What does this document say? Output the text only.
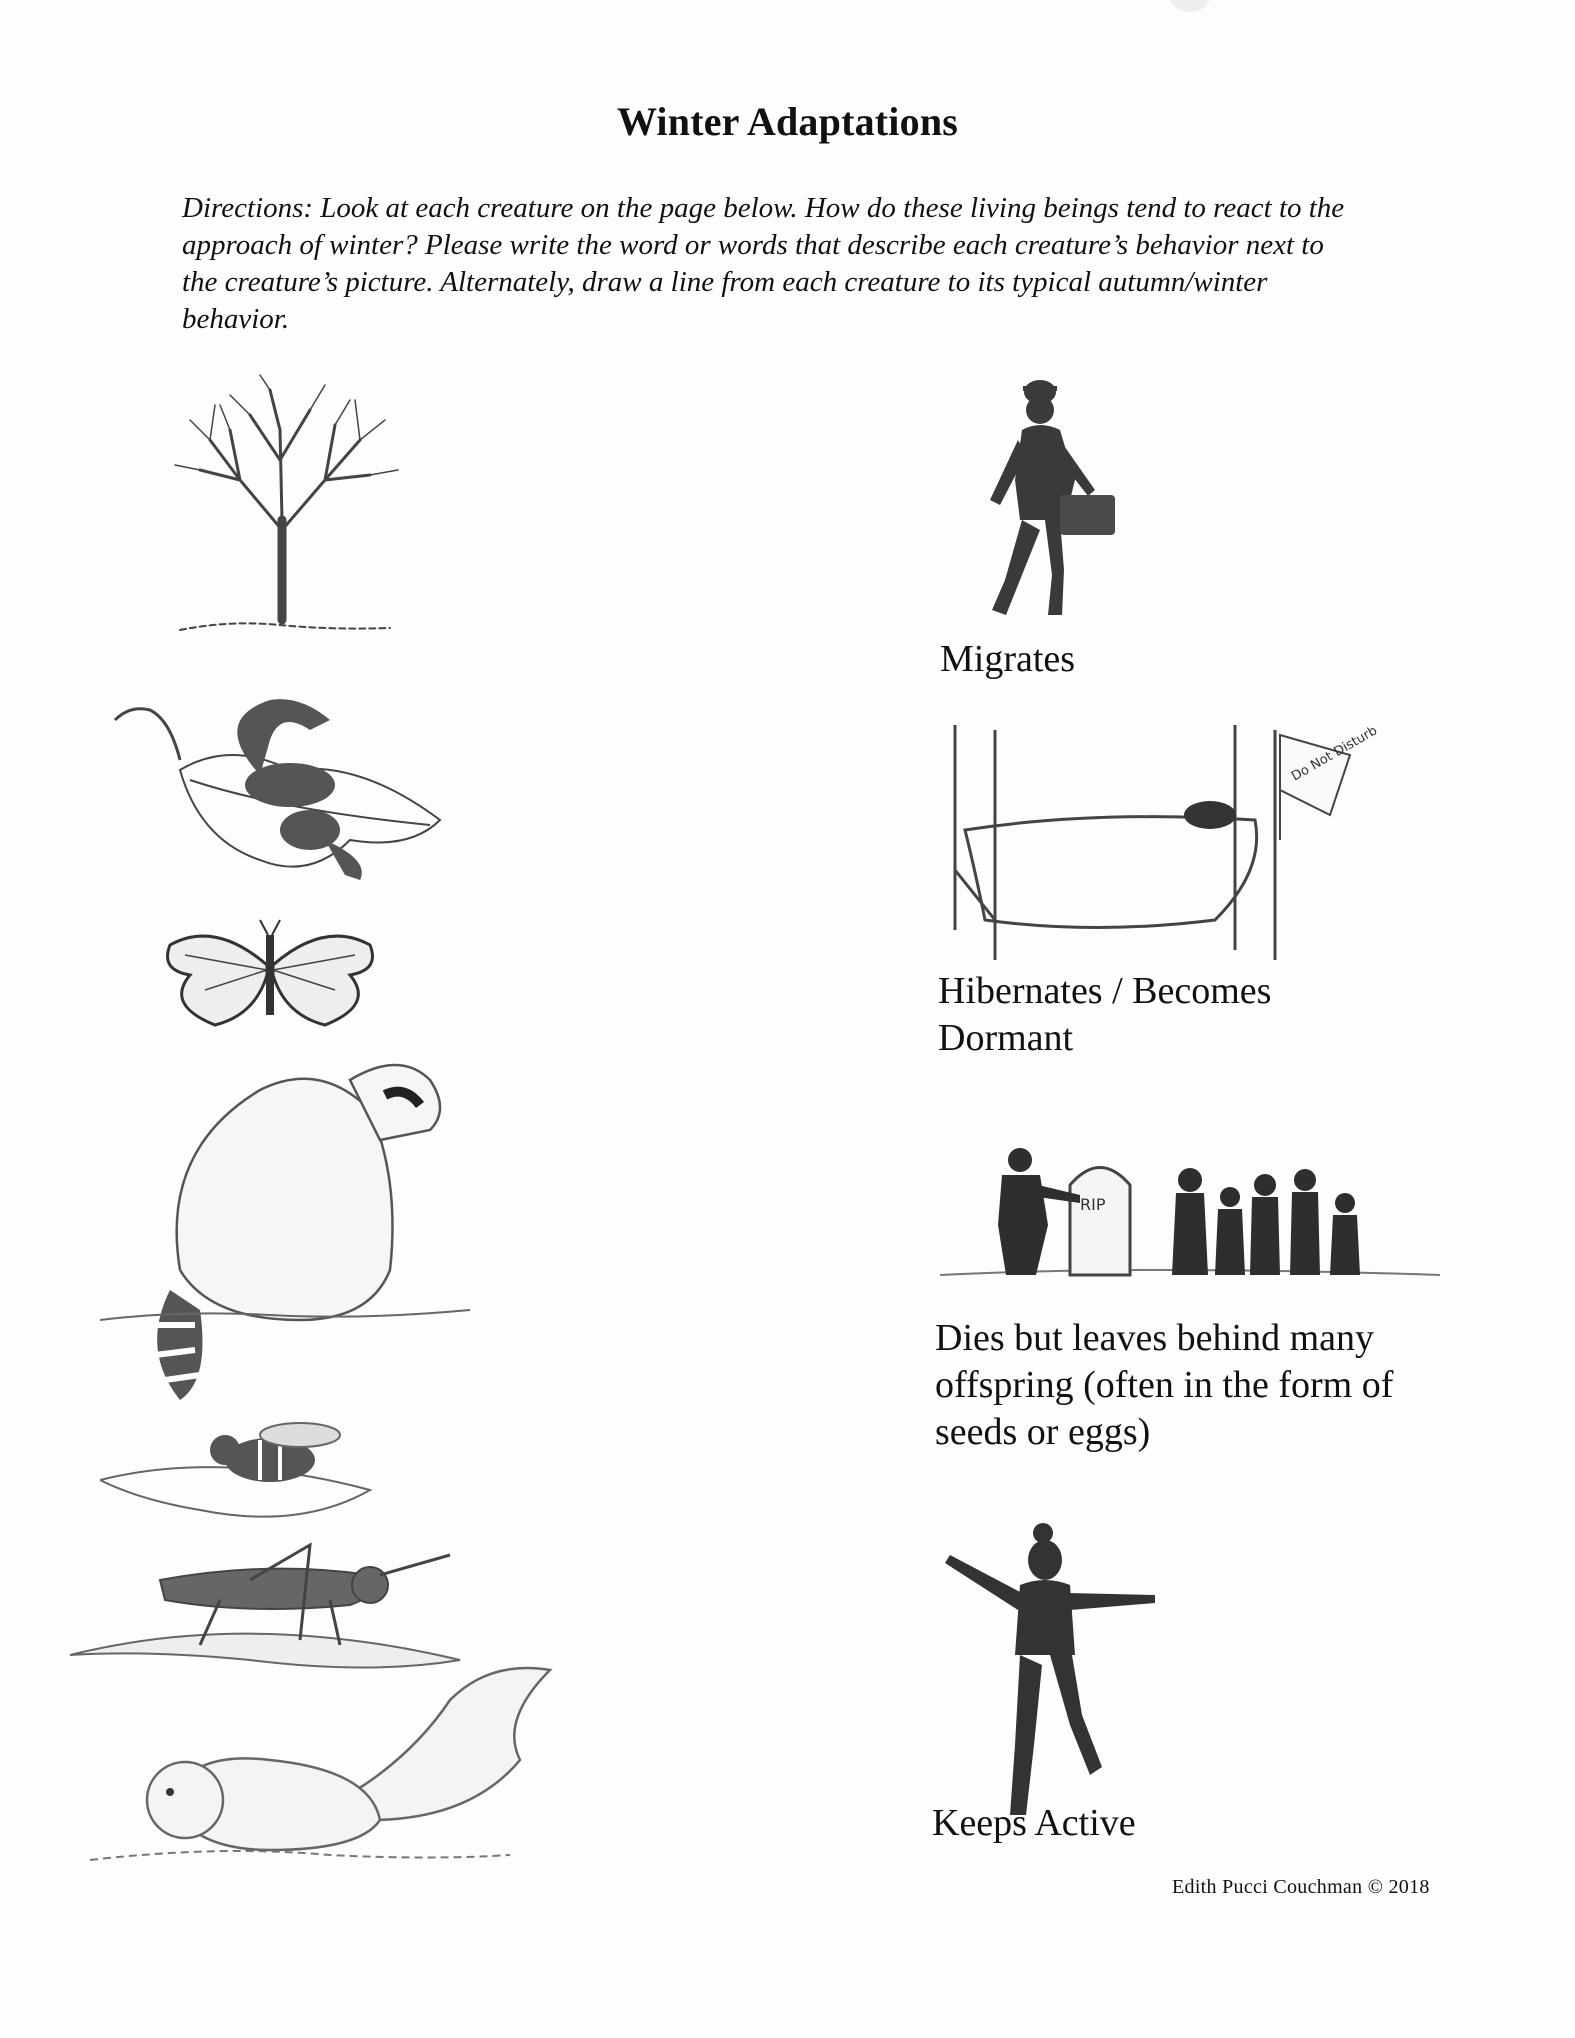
Winter Adaptations
Directions: Look at each creature on the page below. How do these living beings tend to react to the approach of winter? Please write the word or words that describe each creature’s behavior next to the creature’s picture. Alternately, draw a line from each creature to its typical autumn/winter behavior.
Migrates
Do Not Disturb
Hibernates / Becomes
Dormant
RIP
Dies but leaves behind many
offspring (often in the form of
seeds or eggs)
Keeps Active
Edith Pucci Couchman © 2018
